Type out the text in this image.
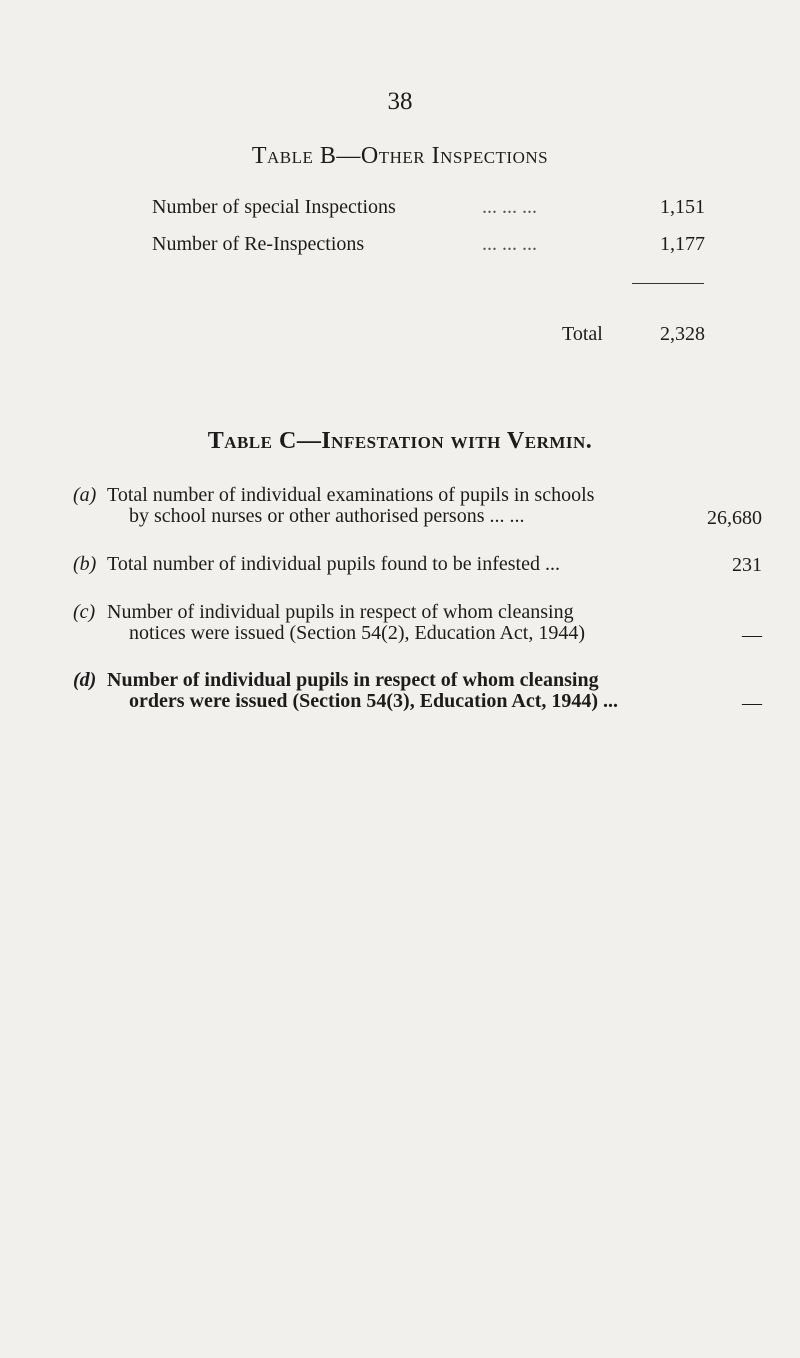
38
Table B—Other Inspections
Number of special Inspections	... ... ...	1,151
Number of Re-Inspections	... ... ...	1,177
Total	2,328
Table C—Infestation with Vermin.
(a) Total number of individual examinations of pupils in schools
by school nurses or other authorised persons ... ...	26,680
(b) Total number of individual pupils found to be infested ...	231
(c) Number of individual pupils in respect of whom cleansing
notices were issued (Section 54(2), Education Act, 1944)	—
(d) Number of individual pupils in respect of whom cleansing
orders were issued (Section 54(3), Education Act, 1944) ...	—
